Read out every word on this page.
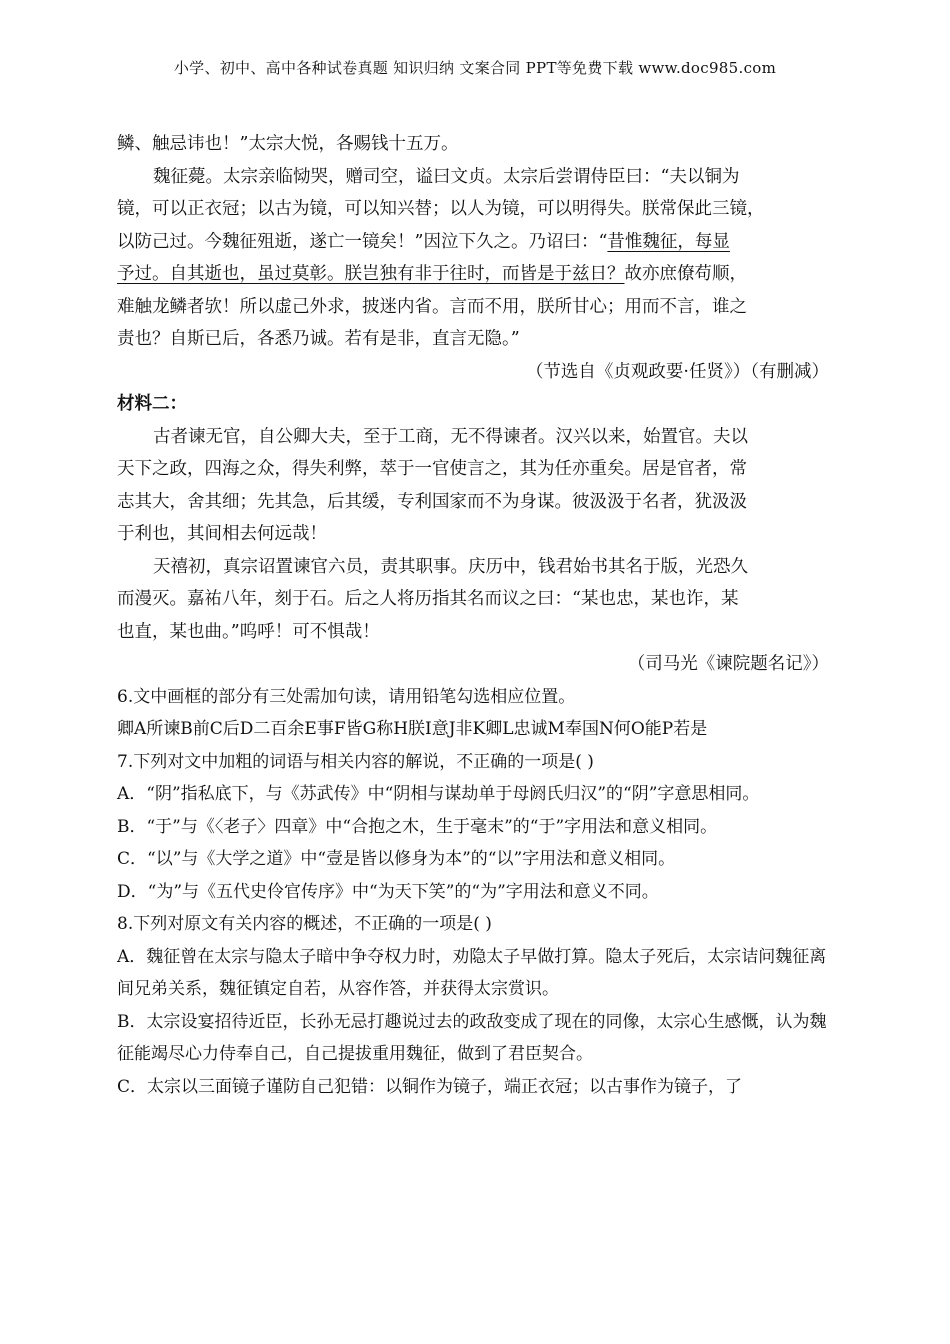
小学、初中、高中各种试卷真题 知识归纳 文案合同 PPT等免费下载 www.doc985.com
鳞、触忌讳也！”太宗大悦，各赐钱十五万。
魏征薨。太宗亲临恸哭，赠司空，谥曰文贞。太宗后尝谓侍臣曰：“夫以铜为
镜，可以正衣冠；以古为镜，可以知兴替；以人为镜，可以明得失。朕常保此三镜，
以防己过。今魏征殂逝，遂亡一镜矣！”因泣下久之。乃诏曰：“昔惟魏征，每显
予过。自其逝也，虽过莫彰。朕岂独有非于往时，而皆是于兹日？故亦庶僚苟顺，
难触龙鳞者欤！所以虚己外求，披迷内省。言而不用，朕所甘心；用而不言，谁之
责也？自斯已后，各悉乃诚。若有是非，直言无隐。”
（节选自《贞观政要·任贤》）（有删减）
材料二：
古者谏无官，自公卿大夫，至于工商，无不得谏者。汉兴以来，始置官。夫以
天下之政，四海之众，得失利弊，萃于一官使言之，其为任亦重矣。居是官者，常
志其大，舍其细；先其急，后其缓，专利国家而不为身谋。彼汲汲于名者，犹汲汲
于利也，其间相去何远哉！
天禧初，真宗诏置谏官六员，责其职事。庆历中，钱君始书其名于版，光恐久
而漫灭。嘉祐八年，刻于石。后之人将历指其名而议之曰：“某也忠，某也诈，某
也直，某也曲。”呜呼！可不惧哉！
（司马光《谏院题名记》）
6.文中画框的部分有三处需加句读，请用铅笔勾选相应位置。
卿A所谏B前C后D二百余E事F皆G称H朕I意J非K卿L忠诚M奉国N何O能P若是
7.下列对文中加粗的词语与相关内容的解说，不正确的一项是( )
A．“阴”指私底下，与《苏武传》中“阴相与谋劫单于母阏氏归汉”的“阴”字意思相同。
B．“于”与《〈老子〉四章》中“合抱之木，生于毫末”的“于”字用法和意义相同。
C．“以”与《大学之道》中“壹是皆以修身为本”的“以”字用法和意义相同。
D．“为”与《五代史伶官传序》中“为天下笑”的“为”字用法和意义不同。
8.下列对原文有关内容的概述，不正确的一项是( )
A．魏征曾在太宗与隐太子暗中争夺权力时，劝隐太子早做打算。隐太子死后，太宗诘问魏征离间兄弟关系，魏征镇定自若，从容作答，并获得太宗赏识。
B．太宗设宴招待近臣，长孙无忌打趣说过去的政敌变成了现在的同像，太宗心生感慨，认为魏征能竭尽心力侍奉自己，自己提拔重用魏征，做到了君臣契合。
C．太宗以三面镜子谨防自己犯错：以铜作为镜子，端正衣冠；以古事作为镜子，了
